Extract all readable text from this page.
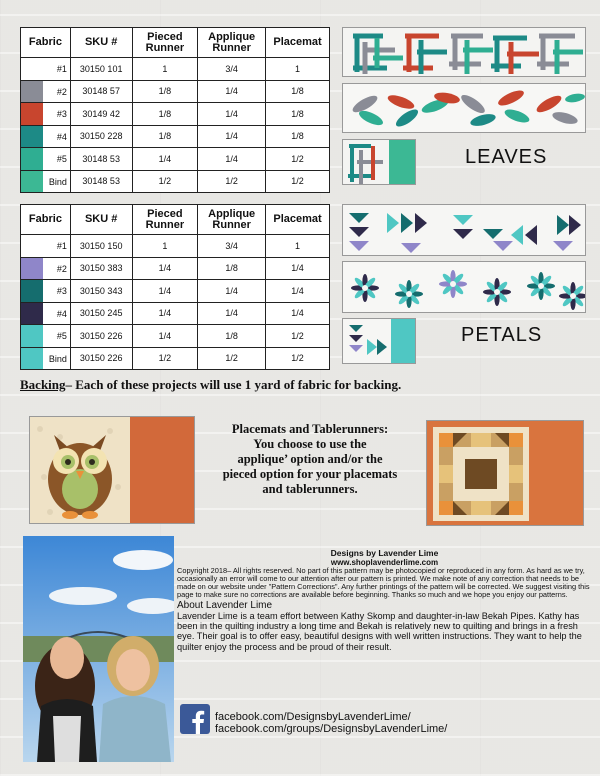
Fabric	SKU #	Pieced Runner	Applique Runner	Placemat

#1	30150 101	1	3/4	1

#2	30148 57	1/8	1/4	1/8

#3	30149 42	1/8	1/4	1/8

#4	30150 228	1/8	1/4	1/8

#5	30148 53	1/4	1/4	1/2

Bind	30148 53	1/2	1/2	1/2
Fabric	SKU #	Pieced Runner	Applique Runner	Placemat

#1	30150 150	1	3/4	1

#2	30150 383	1/4	1/8	1/4

#3	30150 343	1/4	1/4	1/4

#4	30150 245	1/4	1/4	1/4

#5	30150 226	1/4	1/8	1/2

Bind	30150 226	1/2	1/2	1/2
LEAVES
PETALS
Backing– Each of these projects will use 1 yard of fabric for backing.
Placemats and Tablerunners:
You choose to use the
applique’ option and/or the
pieced option for your placemats
and tablerunners.
Designs by Lavender Lime
www.shoplavenderlime.com
Copyright 2018– All rights reserved. No part of this pattern may be photocopied or reproduced in any form. As hard as we try, occasionally an error will come to our attention after our pattern is printed. We make note of any correction that needs to be made on our website under "Pattern Corrections". Any further printings of the pattern will be corrected. We suggest visiting this page to make sure no corrections are available before beginning. Thanks so much and we hope you enjoy our patterns.
About Lavender Lime
Lavender Lime is a team effort between Kathy Skomp and daughter-in-law Bekah Pipes. Kathy has been in the quilting industry a long time and Bekah is relatively new to quilting and brings in a fresh eye. Their goal is to offer easy, beautiful designs with well written instructions. They want to help the quilter enjoy the process and be proud of their result.
facebook.com/DesignsbyLavenderLime/
facebook.com/groups/DesignsbyLavenderLime/
